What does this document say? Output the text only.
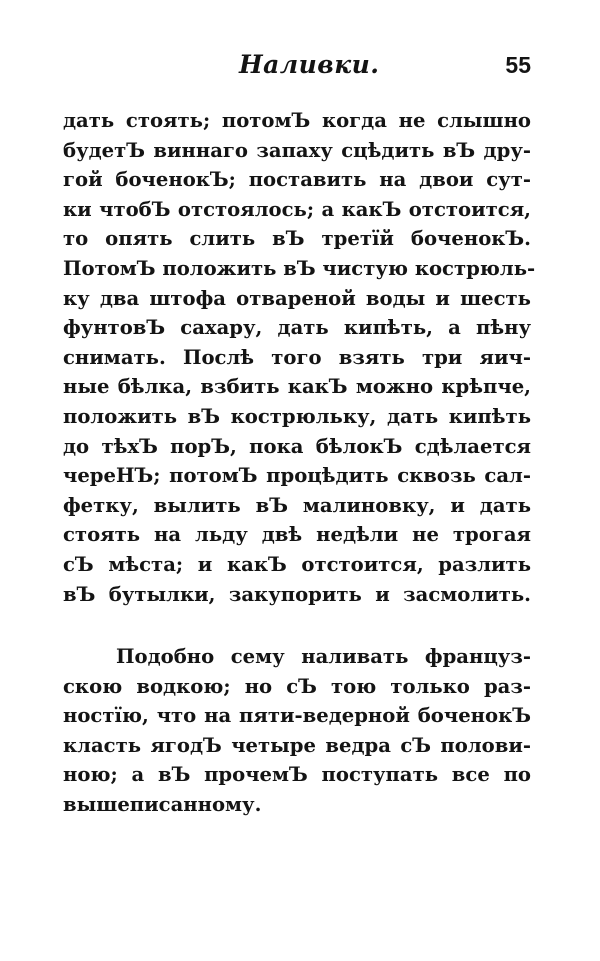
Наливки.	55
дать стоять; потомЪ когда не слышно
будетЪ виннаго запаху сцѣдить вЪ дру-
гой боченокЪ; поставить на двои сут-
ки чтобЪ отстоялось; а какЪ отстоится,
то опять слить вЪ третїй боченокЪ.
ПотомЪ положить вЪ чистую кострюль-
ку два штофа отвареной воды и шесть
фунтовЪ сахару, дать кипѣть, а пѣну
снимать. Послѣ того взять три яич-
ные бѣлка, взбить какЪ можно крѣпче,
положить вЪ кострюльку, дать кипѣть
до тѣхЪ порЪ, пока бѣлокЪ сдѣлается
череНЪ; потомЪ процѣдить сквозь сал-
фетку, вылить вЪ малиновку, и дать
стоять на льду двѣ недѣли не трогая
сЪ мѣста; и какЪ отстоится, разлить
вЪ бутылки, закупорить и засмолить.
Подобно сему наливать француз-
скою водкою; но сЪ тою только раз-
ностїю, что на пяти-ведерной боченокЪ
класть ягодЪ четыре ведра сЪ полови-
ною; а вЪ прочемЪ поступать все по
вышеписанному.
